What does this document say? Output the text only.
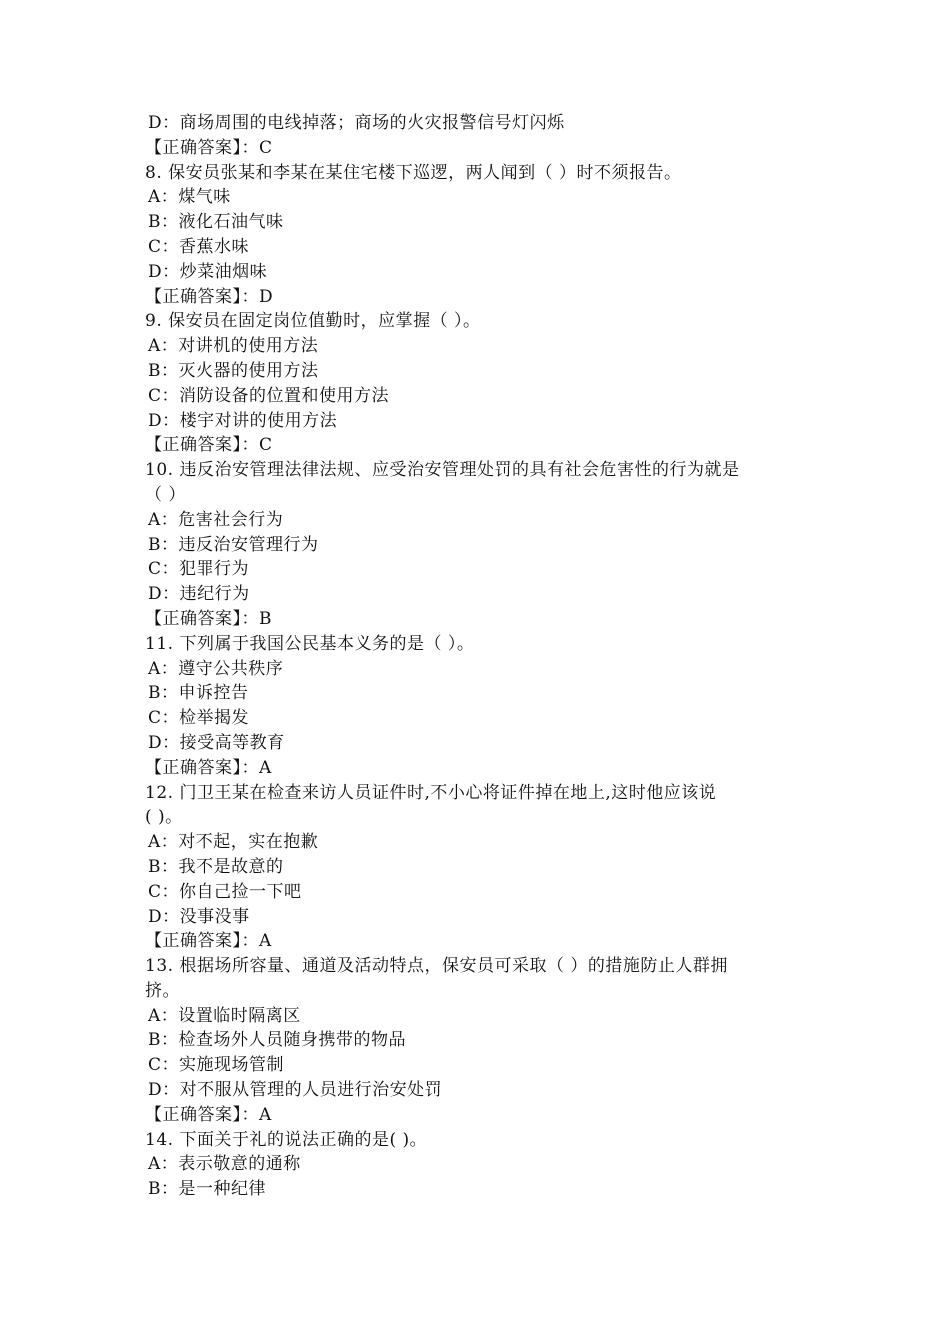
D：商场周围的电线掉落；商场的火灾报警信号灯闪烁
【正确答案】：C
8. 保安员张某和李某在某住宅楼下巡逻，两人闻到（ ）时不须报告。
A：煤气味
B：液化石油气味
C：香蕉水味
D：炒菜油烟味
【正确答案】：D
9. 保安员在固定岗位值勤时，应掌握（ ）。
A：对讲机的使用方法
B：灭火器的使用方法
C：消防设备的位置和使用方法
D：楼宇对讲的使用方法
【正确答案】：C
10. 违反治安管理法律法规、应受治安管理处罚的具有社会危害性的行为就是
（ ）
A：危害社会行为
B：违反治安管理行为
C：犯罪行为
D：违纪行为
【正确答案】：B
11. 下列属于我国公民基本义务的是（ ）。
A：遵守公共秩序
B：申诉控告
C：检举揭发
D：接受高等教育
【正确答案】：A
12. 门卫王某在检查来访人员证件时,不小心将证件掉在地上,这时他应该说
( )。
A：对不起，实在抱歉
B：我不是故意的
C：你自己捡一下吧
D：没事没事
【正确答案】：A
13. 根据场所容量、通道及活动特点，保安员可采取（ ）的措施防止人群拥
挤。
A：设置临时隔离区
B：检查场外人员随身携带的物品
C：实施现场管制
D：对不服从管理的人员进行治安处罚
【正确答案】：A
14. 下面关于礼的说法正确的是( )。
A：表示敬意的通称
B：是一种纪律
